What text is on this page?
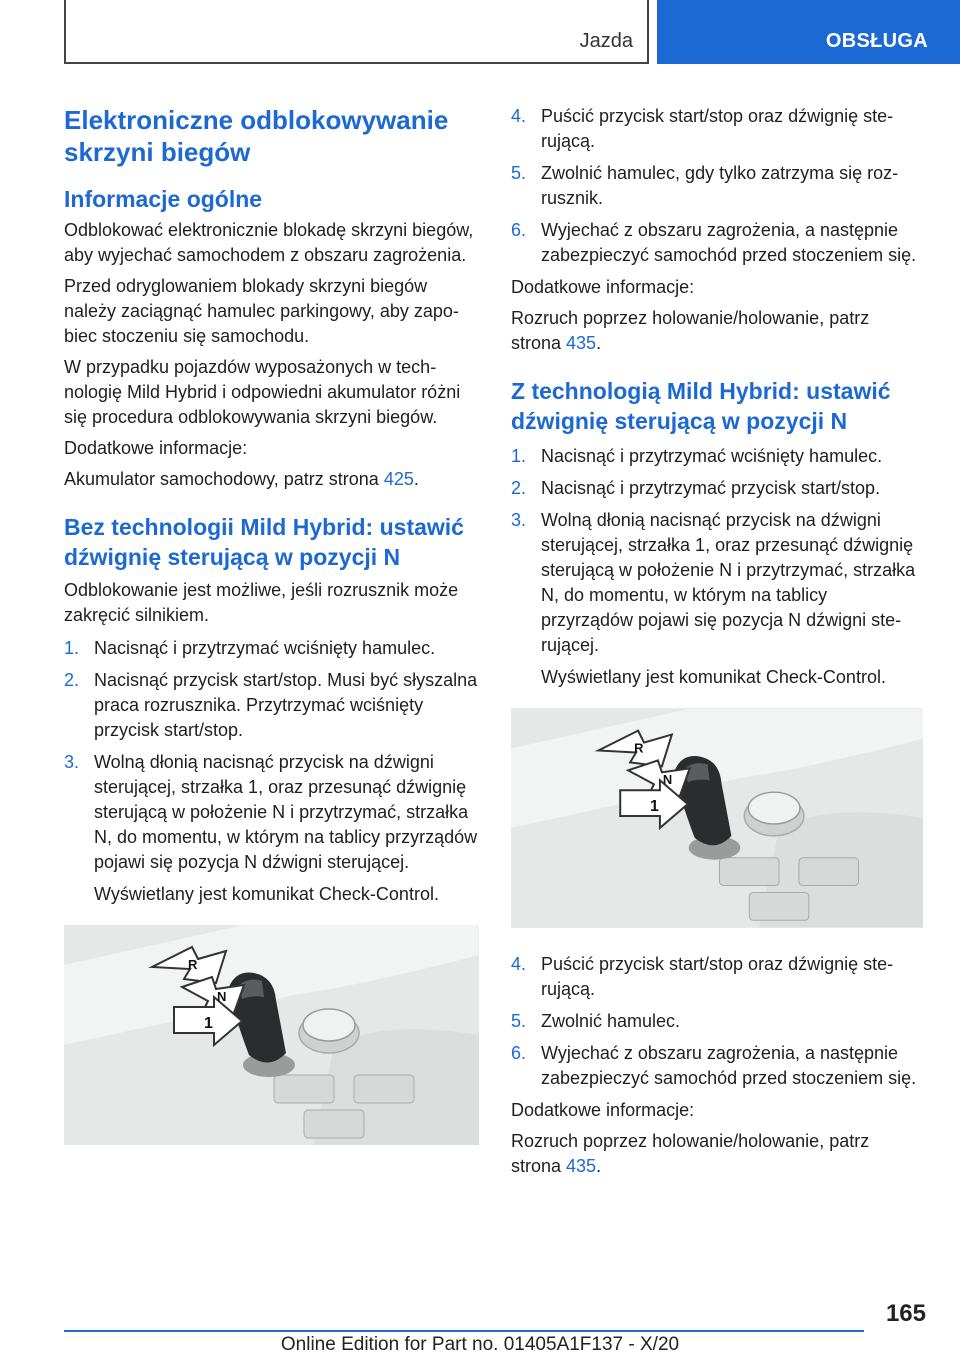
Jazda	OBSŁUGA
Elektroniczne odblokowywanie skrzyni biegów
Informacje ogólne

Odblokować elektronicznie blokadę skrzyni biegów, aby wyjechać samochodem z obszaru zagrożenia.

Przed odryglowaniem blokady skrzyni biegów należy zaciągnąć hamulec parkingowy, aby zapobiec stoczeniu się samochodu.

W przypadku pojazdów wyposażonych w technologię Mild Hybrid i odpowiedni akumulator różni się procedura odblokowywania skrzyni biegów.

Dodatkowe informacje:

Akumulator samochodowy, patrz strona 425.

Bez technologii Mild Hybrid: ustawić dźwignię sterującą w pozycji N

Odblokowanie jest możliwe, jeśli rozrusznik może zakręcić silnikiem.

1. Nacisnąć i przytrzymać wciśnięty hamulec.
2. Nacisnąć przycisk start/stop. Musi być słyszalna praca rozrusznika. Przytrzymać wciśnięty przycisk start/stop.
3. Wolną dłonią nacisnąć przycisk na dźwigni sterującej, strzałka 1, oraz przesunąć dźwignię sterującą w położenie N i przytrzymać, strzałka N, do momentu, w którym na tablicy przyrządów pojawi się pozycja N dźwigni sterującej.

Wyświetlany jest komunikat Check-Control.

R
N
1
4. Puścić przycisk start/stop oraz dźwignię sterującą.
5. Zwolnić hamulec, gdy tylko zatrzyma się rozrusznik.
6. Wyjechać z obszaru zagrożenia, a następnie zabezpieczyć samochód przed stoczeniem się.

Dodatkowe informacje:

Rozruch poprzez holowanie/holowanie, patrz strona 435.

Z technologią Mild Hybrid: ustawić dźwignię sterującą w pozycji N
1. Nacisnąć i przytrzymać wciśnięty hamulec.
2. Nacisnąć i przytrzymać przycisk start/stop.
3. Wolną dłonią nacisnąć przycisk na dźwigni sterującej, strzałka 1, oraz przesunąć dźwignię sterującą w położenie N i przytrzymać, strzałka N, do momentu, w którym na tablicy przyrządów pojawi się pozycja N dźwigni sterującej.

Wyświetlany jest komunikat Check-Control.

R
N
1
4. Puścić przycisk start/stop oraz dźwignię sterującą.
5. Zwolnić hamulec.
6. Wyjechać z obszaru zagrożenia, a następnie zabezpieczyć samochód przed stoczeniem się.

Dodatkowe informacje:

Rozruch poprzez holowanie/holowanie, patrz strona 435.

165
Online Edition for Part no. 01405A1F137 - X/20
